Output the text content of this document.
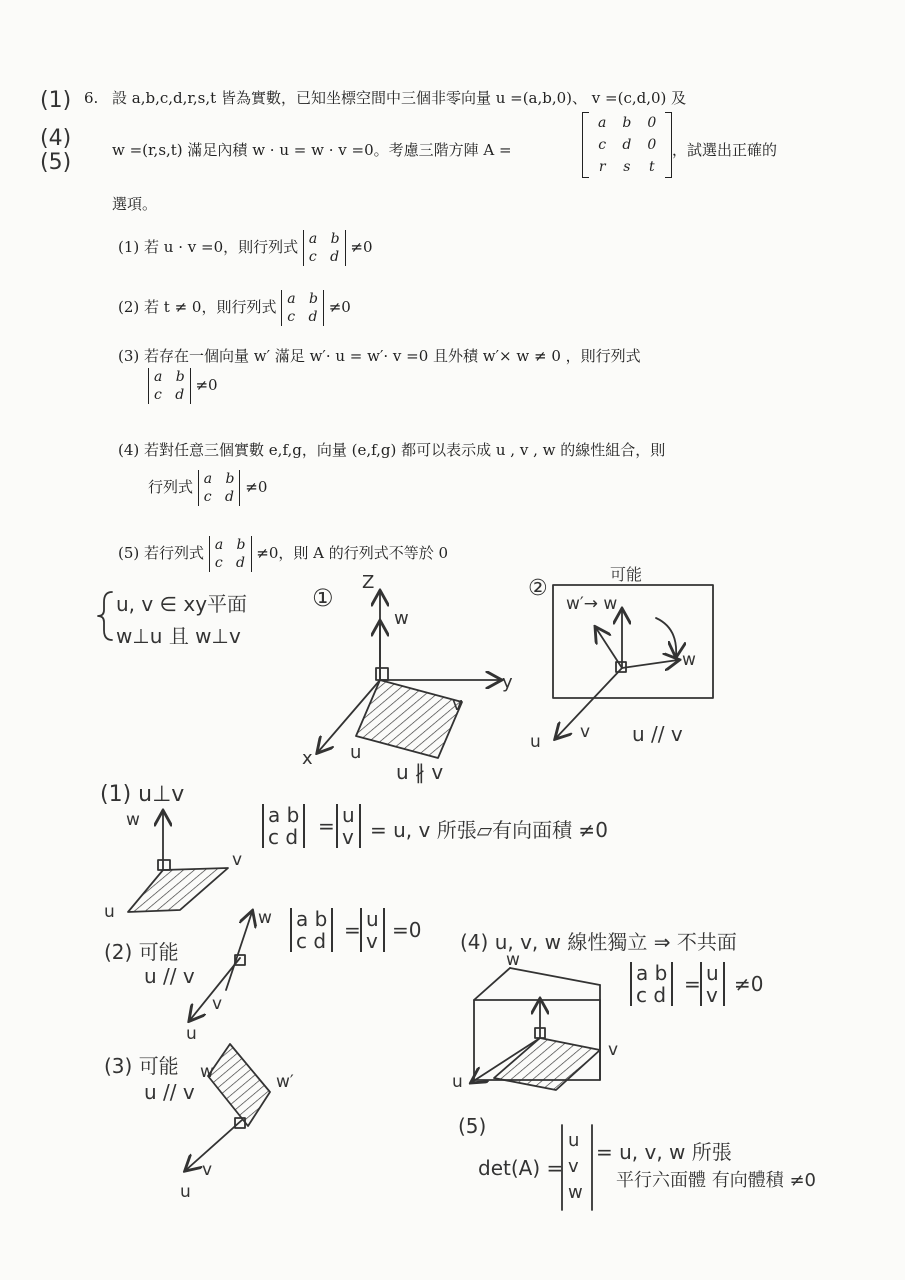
(1)
(4)
(5)
6. 設 a,b,c,d,r,s,t 皆為實數，已知坐標空間中三個非零向量 u =(a,b,0)、 v =(c,d,0) 及
w =(r,s,t) 滿足內積 w · u = w · v =0。考慮三階方陣 A =
a	b	0
c	d	0
r	s	t
，試選出正確的
選項。
(1) 若 u · v =0，則行列式 a b
c d
≠0
(2) 若 t ≠ 0，則行列式 a b
c d
≠0
(3) 若存在一個向量 w′ 滿足 w′· u = w′· v =0 且外積 w′× w ≠ 0 ，則行列式
a b
c d
≠0
(4) 若對任意三個實數 e,f,g，向量 (e,f,g) 都可以表示成 u , v , w 的線性組合，則
行列式 a b
c d
≠0
(5) 若行列式 a b
c d
≠0，則 A 的行列式不等於 0
u, v ∈ xy平面
w⊥u 且 w⊥v
①
Z
y
x
w
v
u
u ∦ v
②
可能
w′→ w
w
v
u	u // v
(1) u⊥v
w
v
u
a b
c d = u
v = u, v 所張▱有向面積 ≠0
(2) 可能
u // v
w
v
u
a b
c d = u
v =0
(3) 可能
u // v
w	w′
v
u
(4) u, v, w 線性獨立 ⇒ 不共面
w
v
u
a b
c d = u
v ≠0
(5)
det(A) =
u
v
w
= u, v, w 所張
平行六面體 有向體積 ≠0
